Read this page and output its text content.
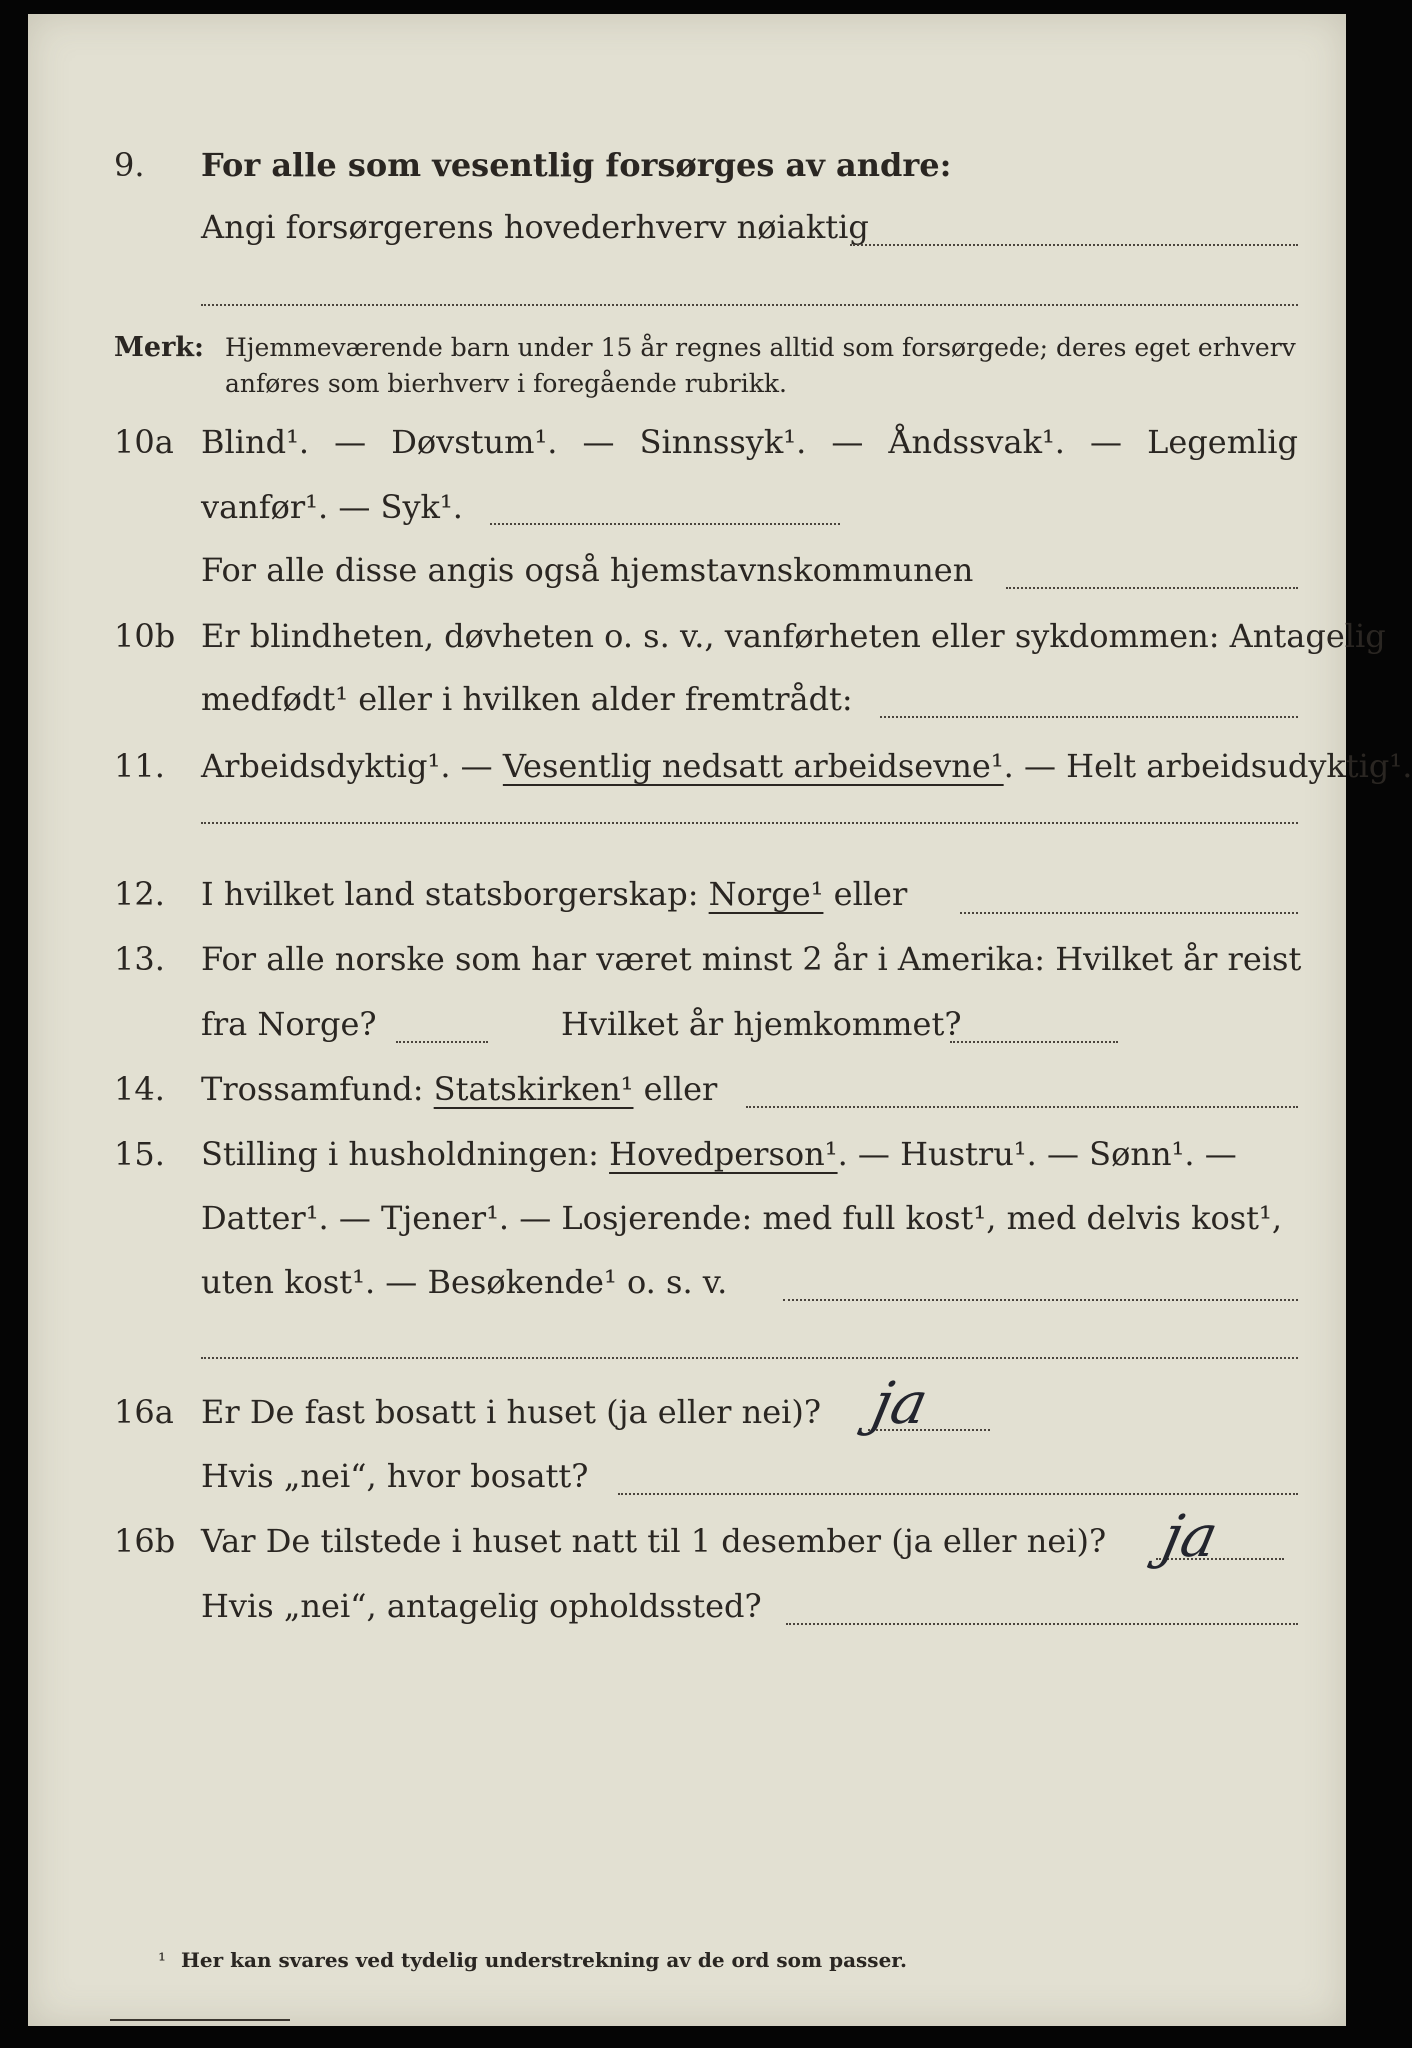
9. For alle som vesentlig forsørges av andre:
Angi forsørgerens hovederhverv nøiaktig
Merk: Hjemmeværende barn under 15 år regnes alltid som forsørgede; deres eget erhverv
anføres som bierhverv i foregående rubrikk.
10a Blind¹. — Døvstum¹. — Sinnssyk¹. — Åndssvak¹. — Legemlig
vanfør¹. — Syk¹.
For alle disse angis også hjemstavnskommunen
10b Er blindheten, døvheten o. s. v., vanførheten eller sykdommen: Antagelig
medfødt¹ eller i hvilken alder fremtrådt:
11. Arbeidsdyktig¹. — Vesentlig nedsatt arbeidsevne¹. — Helt arbeidsudyktig¹.
12. I hvilket land statsborgerskap: Norge¹ eller
13. For alle norske som har været minst 2 år i Amerika: Hvilket år reist
fra Norge?	Hvilket år hjemkommet?
14. Trossamfund: Statskirken¹ eller
15. Stilling i husholdningen: Hovedperson¹. — Hustru¹. — Sønn¹. —
Datter¹. — Tjener¹. — Losjerende: med full kost¹, med delvis kost¹,
uten kost¹. — Besøkende¹ o. s. v.
16a Er De fast bosatt i huset (ja eller nei)? ja
Hvis „nei“, hvor bosatt?
16b Var De tilstede i huset natt til 1 desember (ja eller nei)? ja
Hvis „nei“, antagelig opholdssted?
¹ Her kan svares ved tydelig understrekning av de ord som passer.
